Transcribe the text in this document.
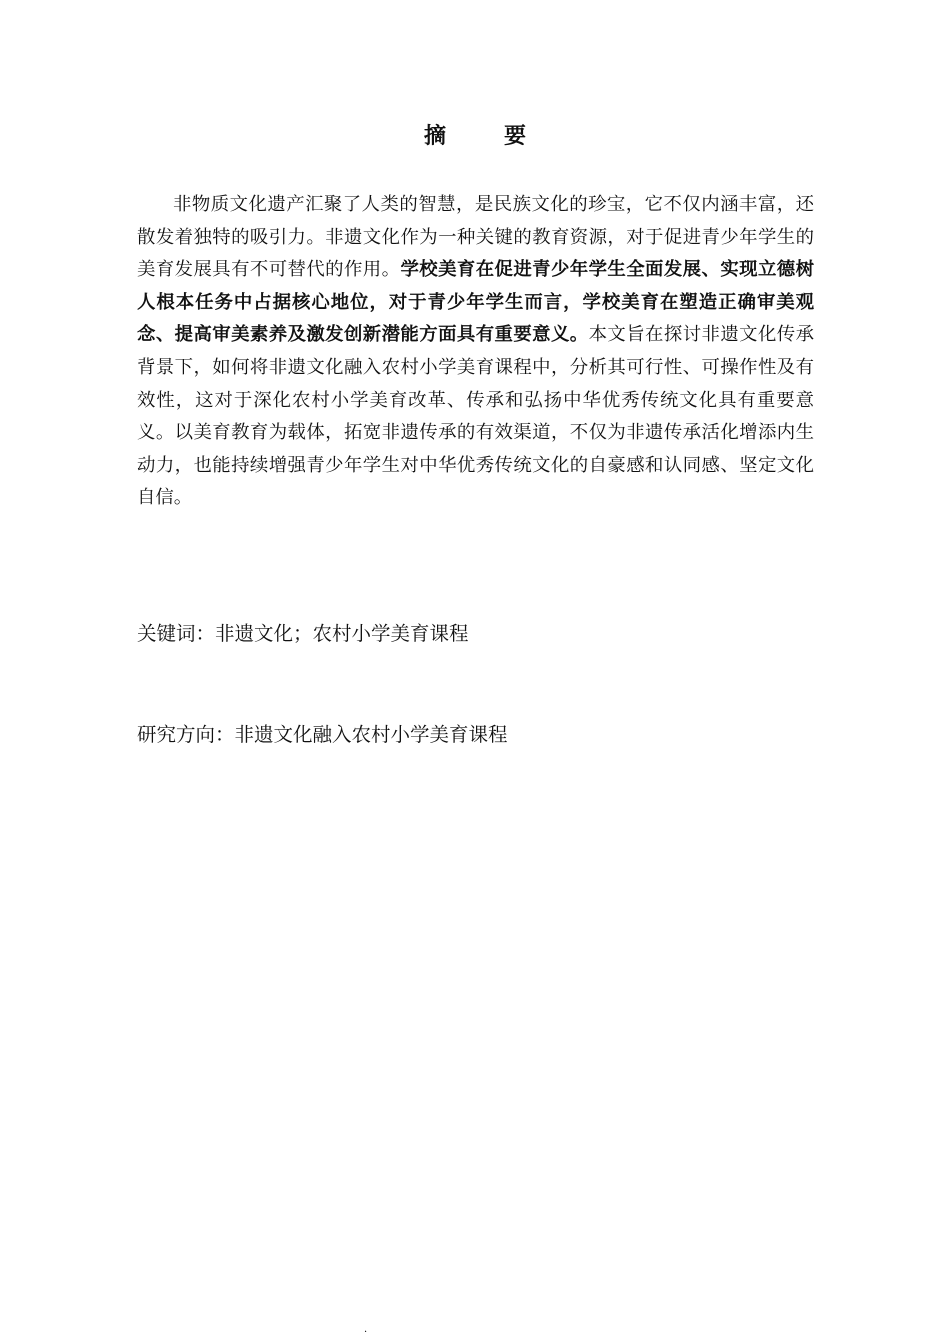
摘　要

非物质文化遗产汇聚了人类的智慧，是民族文化的珍宝，它不仅内涵丰富，还散发着独特的吸引力。非遗文化作为一种关键的教育资源，对于促进青少年学生的美育发展具有不可替代的作用。学校美育在促进青少年学生全面发展、实现立德树人根本任务中占据核心地位，对于青少年学生而言，学校美育在塑造正确审美观念、提高审美素养及激发创新潜能方面具有重要意义。本文旨在探讨非遗文化传承背景下，如何将非遗文化融入农村小学美育课程中，分析其可行性、可操作性及有效性，这对于深化农村小学美育改革、传承和弘扬中华优秀传统文化具有重要意义。以美育教育为载体，拓宽非遗传承的有效渠道，不仅为非遗传承活化增添内生动力，也能持续增强青少年学生对中华优秀传统文化的自豪感和认同感、坚定文化自信。

关键词：非遗文化；农村小学美育课程
研究方向：非遗文化融入农村小学美育课程
·
